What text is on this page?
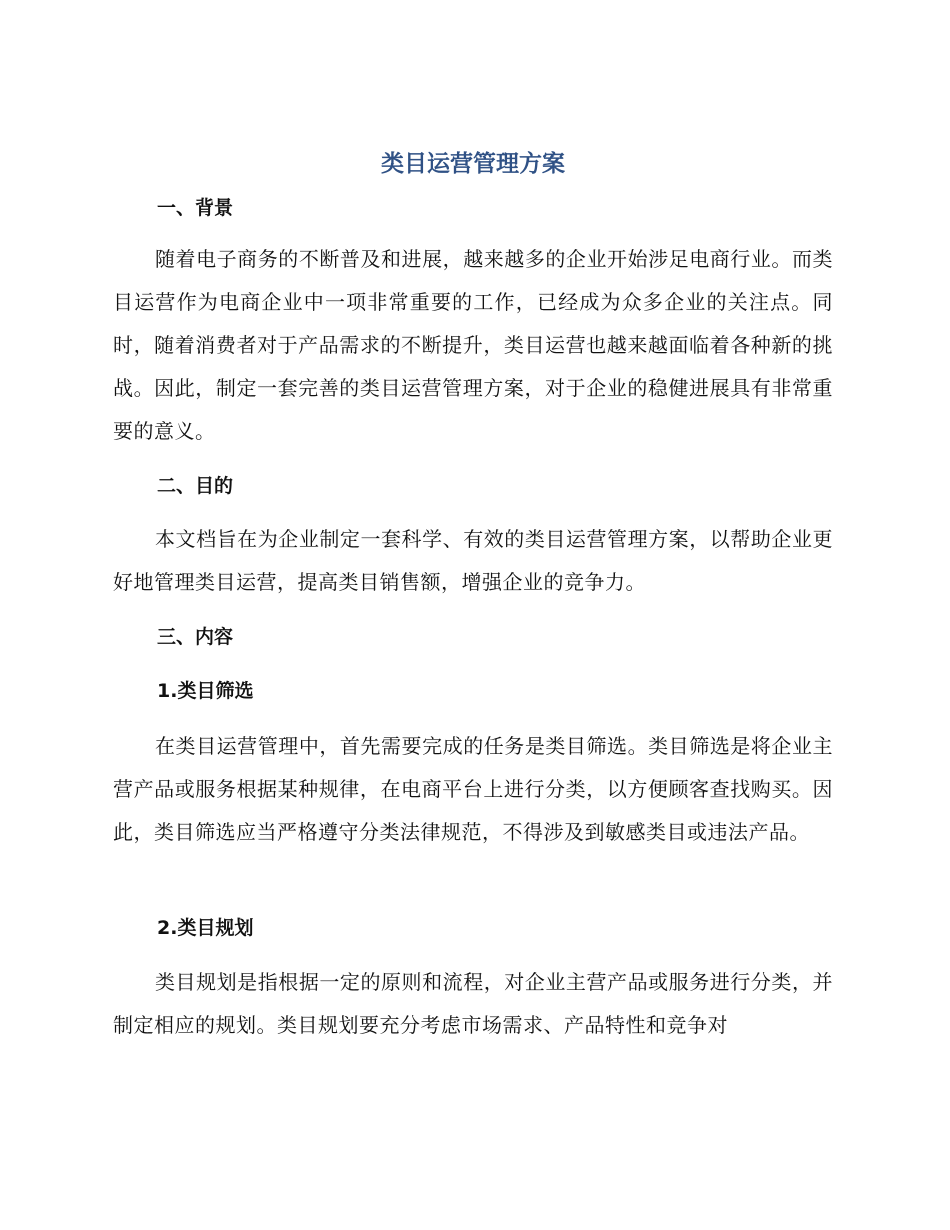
类目运营管理方案
一、背景

随着电子商务的不断普及和进展，越来越多的企业开始涉足电商行业。而类目运营作为电商企业中一项非常重要的工作，已经成为众多企业的关注点。同时，随着消费者对于产品需求的不断提升，类目运营也越来越面临着各种新的挑战。因此，制定一套完善的类目运营管理方案，对于企业的稳健进展具有非常重要的意义。

二、目的

本文档旨在为企业制定一套科学、有效的类目运营管理方案，以帮助企业更好地管理类目运营，提高类目销售额，增强企业的竞争力。

三、内容
1.类目筛选

在类目运营管理中，首先需要完成的任务是类目筛选。类目筛选是将企业主营产品或服务根据某种规律，在电商平台上进行分类，以方便顾客查找购买。因此，类目筛选应当严格遵守分类法律规范，不得涉及到敏感类目或违法产品。

2.类目规划

类目规划是指根据一定的原则和流程，对企业主营产品或服务进行分类，并制定相应的规划。类目规划要充分考虑市场需求、产品特性和竞争对
